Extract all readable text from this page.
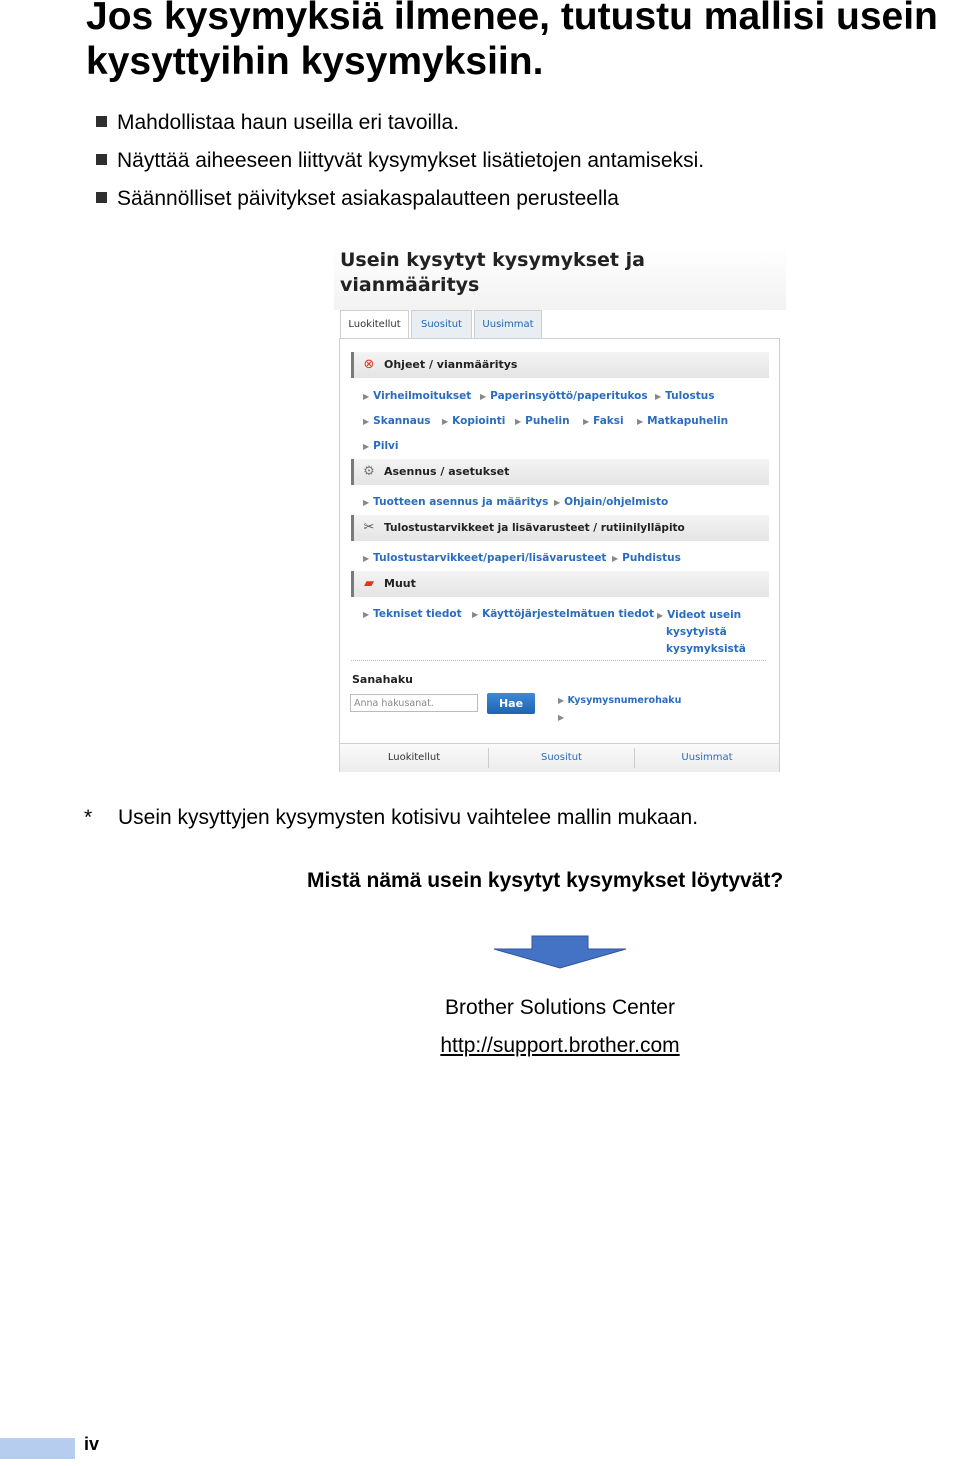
Jos kysymyksiä ilmenee, tutustu mallisi usein
kysyttyihin kysymyksiin.
Mahdollistaa haun useilla eri tavoilla.
Näyttää aiheeseen liittyvät kysymykset lisätietojen antamiseksi.
Säännölliset päivitykset asiakaspalautteen perusteella
Usein kysytyt kysymykset ja
vianmääritys
Luokitellut	Suositut	Uusimmat
⊗ Ohjeet / vianmääritys
▶ Virheilmoitukset ▶ Paperinsyöttö/paperitukos ▶ Tulostus
▶ Skannaus ▶ Kopiointi ▶ Puhelin ▶ Faksi ▶ Matkapuhelin
▶ Pilvi
⚙ Asennus / asetukset
▶ Tuotteen asennus ja määritys ▶ Ohjain/ohjelmisto
✂ Tulostustarvikkeet ja lisävarusteet / rutiinilylläpito
▶ Tulostustarvikkeet/paperi/lisävarusteet ▶ Puhdistus
▰ Muut
▶ Tekniset tiedot ▶ Käyttöjärjestelmätuen tiedot ▶ Videot usein
kysytyistä
kysymyksistä
Sanahaku
Anna hakusanat.	Hae	▶ Kysymysnumerohaku
▶
Luokitellut	Suositut	Uusimmat
* Usein kysyttyjen kysymysten kotisivu vaihtelee mallin mukaan.
Mistä nämä usein kysytyt kysymykset löytyvät?
Brother Solutions Center
http://support.brother.com
iv
